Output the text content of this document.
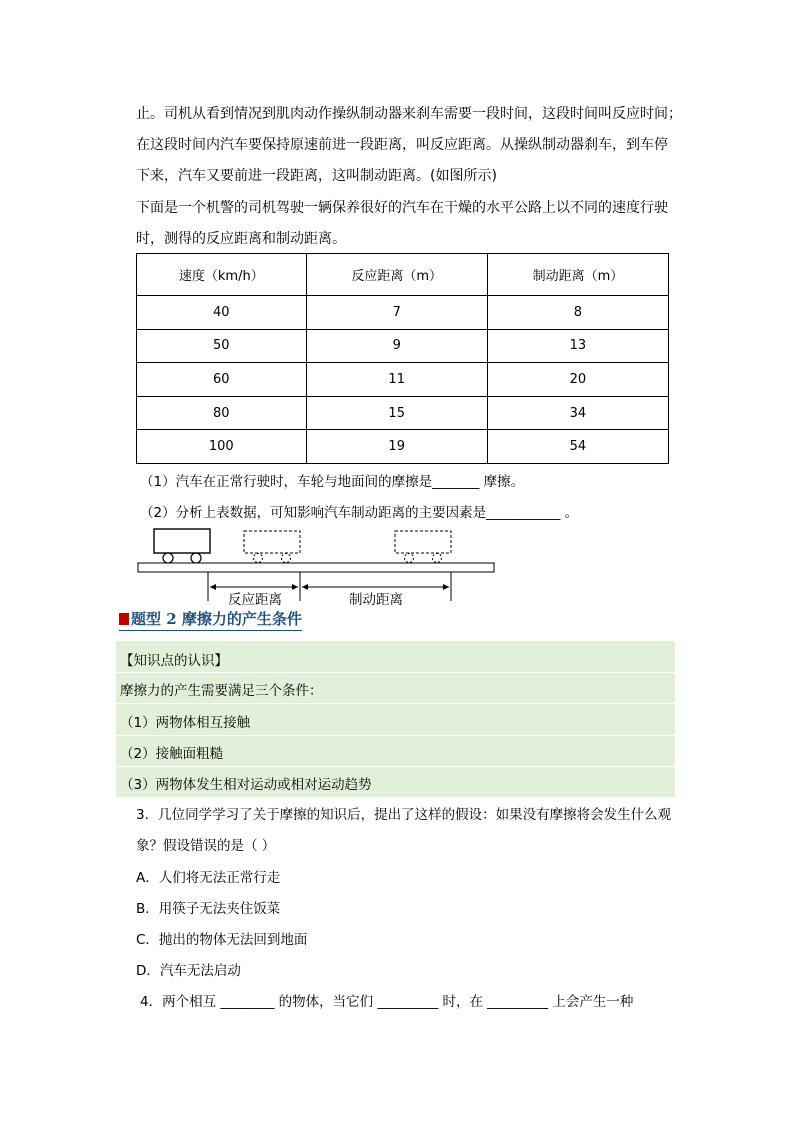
止。司机从看到情况到肌肉动作操纵制动器来刹车需要一段时间，这段时间叫反应时间；
在这段时间内汽车要保持原速前进一段距离，叫反应距离。从操纵制动器刹车，到车停
下来，汽车又要前进一段距离，这叫制动距离。(如图所示)
下面是一个机警的司机驾驶一辆保养很好的汽车在干燥的水平公路上以不同的速度行驶
时，测得的反应距离和制动距离。
速度（km/h）	反应距离（m）	制动距离（m）
40	7	8
50	9	13
60	11	20
80	15	34
100	19	54
（1）汽车在正常行驶时，车轮与地面间的摩擦是_______ 摩擦。
（2）分析上表数据，可知影响汽车制动距离的主要因素是___________ 。
反应距离	制动距离
题型 2 摩擦力的产生条件
【知识点的认识】
摩擦力的产生需要满足三个条件：
（1）两物体相互接触
（2）接触面粗糙
（3）两物体发生相对运动或相对运动趋势
3．几位同学学习了关于摩擦的知识后，提出了这样的假设：如果没有摩擦将会发生什么观
象？假设错误的是（ ）
A．人们将无法正常行走
B．用筷子无法夹住饭菜
C．抛出的物体无法回到地面
D．汽车无法启动
4．两个相互 ________ 的物体，当它们 _________ 时，在 _________ 上会产生一种
